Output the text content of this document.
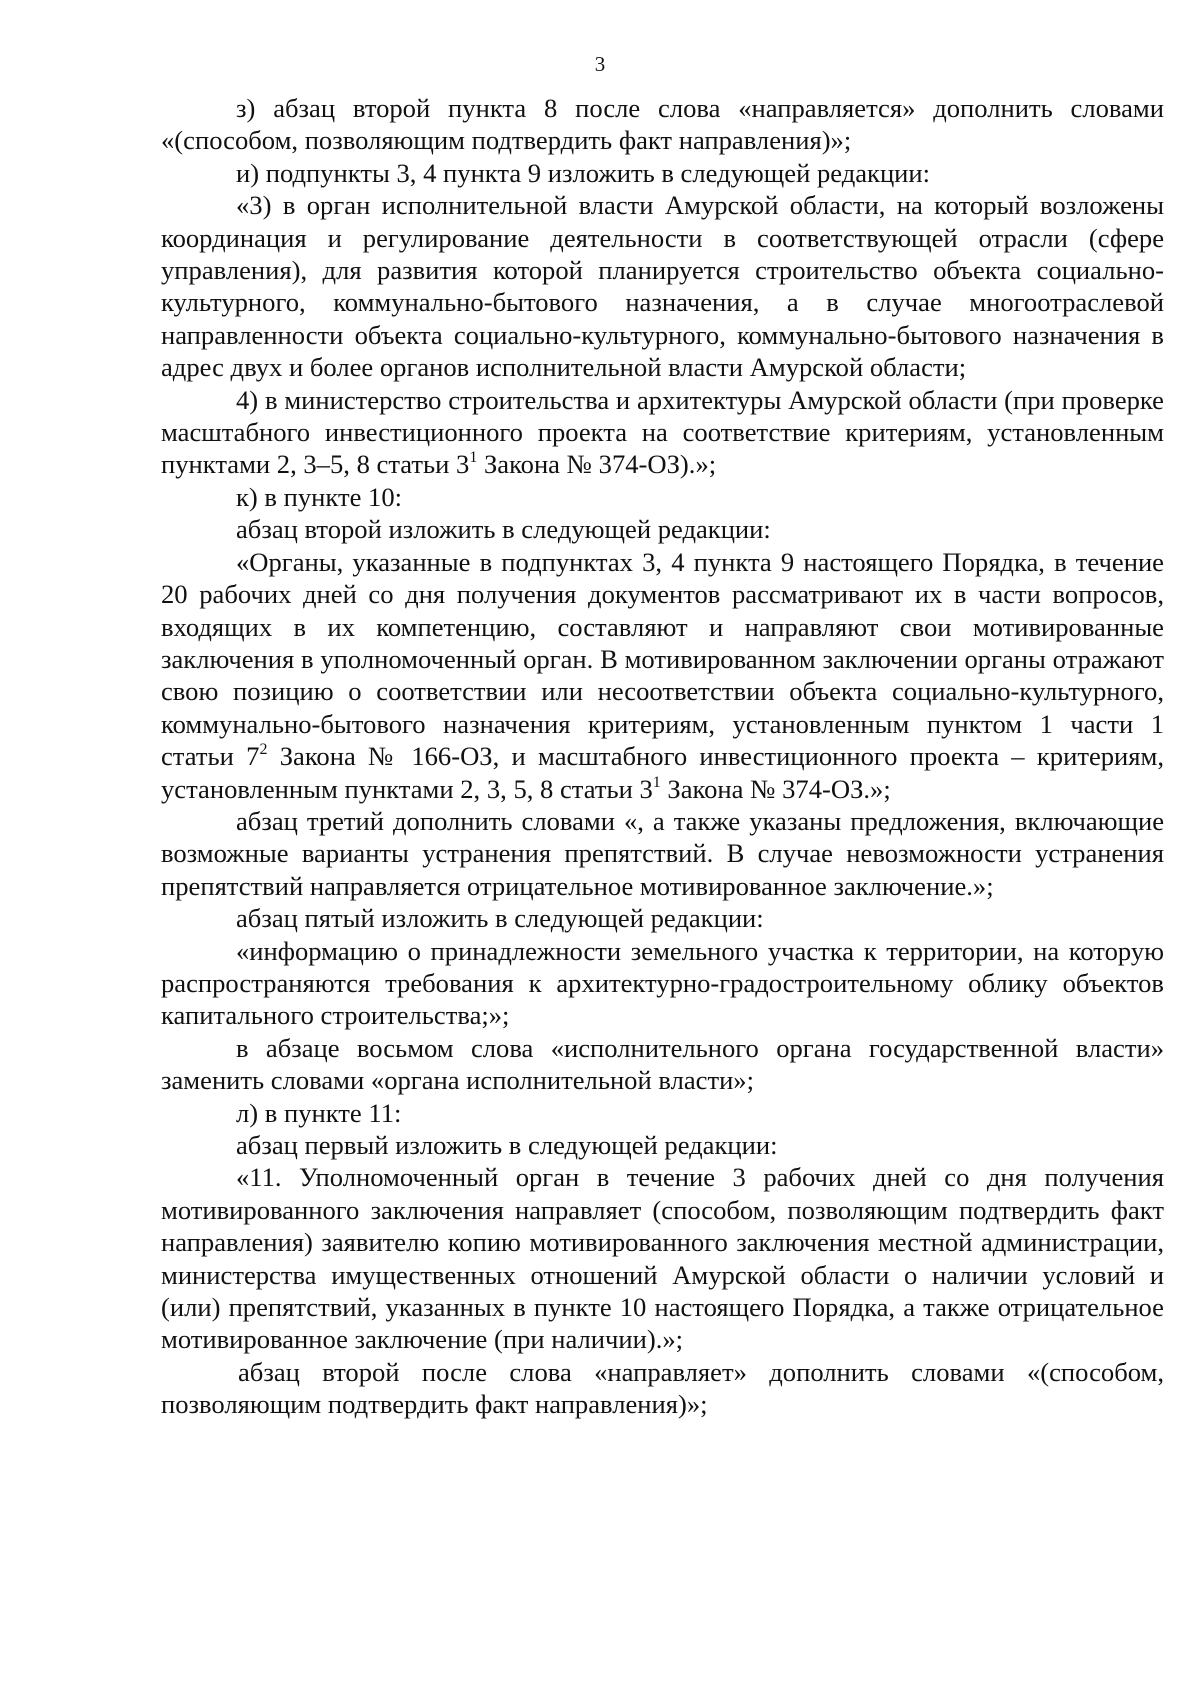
3

з) абзац второй пункта 8 после слова «направляется» дополнить словами «(способом, позволяющим подтвердить факт направления)»;

и) подпункты 3, 4 пункта 9 изложить в следующей редакции:

«3) в орган исполнительной власти Амурской области, на который возложены координация и регулирование деятельности в соответствующей отрасли (сфере управления), для развития которой планируется строительство объекта социально-культурного, коммунально-бытового назначения, а в случае многоотраслевой направленности объекта социально-культурного, коммунально-бытового назначения в адрес двух и более органов исполнительной власти Амурской области;

4) в министерство строительства и архитектуры Амурской области (при проверке масштабного инвестиционного проекта на соответствие критериям, установленным пунктами 2, 3–5, 8 статьи $3^1$ Закона № 374-ОЗ).»;

к) в пункте 10:

абзац второй изложить в следующей редакции:

«Органы, указанные в подпунктах 3, 4 пункта 9 настоящего Порядка, в течение 20 рабочих дней со дня получения документов рассматривают их в части вопросов, входящих в их компетенцию, составляют и направляют свои мотивированные заключения в уполномоченный орган. В мотивированном заключении органы отражают свою позицию о соответствии или несоответствии объекта социально-культурного, коммунально-бытового назначения критериям, установленным пунктом 1 части 1 статьи $7^2$ Закона № 166-ОЗ, и масштабного инвестиционного проекта – критериям, установленным пунктами 2, 3, 5, 8 статьи $3^1$ Закона № 374-ОЗ.»;

абзац третий дополнить словами «, а также указаны предложения, включающие возможные варианты устранения препятствий. В случае невозможности устранения препятствий направляется отрицательное мотивированное заключение.»;

абзац пятый изложить в следующей редакции:

«информацию о принадлежности земельного участка к территории, на которую распространяются требования к архитектурно-градостроительному облику объектов капитального строительства;»;

в абзаце восьмом слова «исполнительного органа государственной власти» заменить словами «органа исполнительной власти»;

л) в пункте 11:

абзац первый изложить в следующей редакции:

«11. Уполномоченный орган в течение 3 рабочих дней со дня получения мотивированного заключения направляет (способом, позволяющим подтвердить факт направления) заявителю копию мотивированного заключения местной администрации, министерства имущественных отношений Амурской области о наличии условий и (или) препятствий, указанных в пункте 10 настоящего Порядка, а также отрицательное мотивированное заключение (при наличии).»;

абзац второй после слова «направляет» дополнить словами «(способом, позволяющим подтвердить факт направления)»;
